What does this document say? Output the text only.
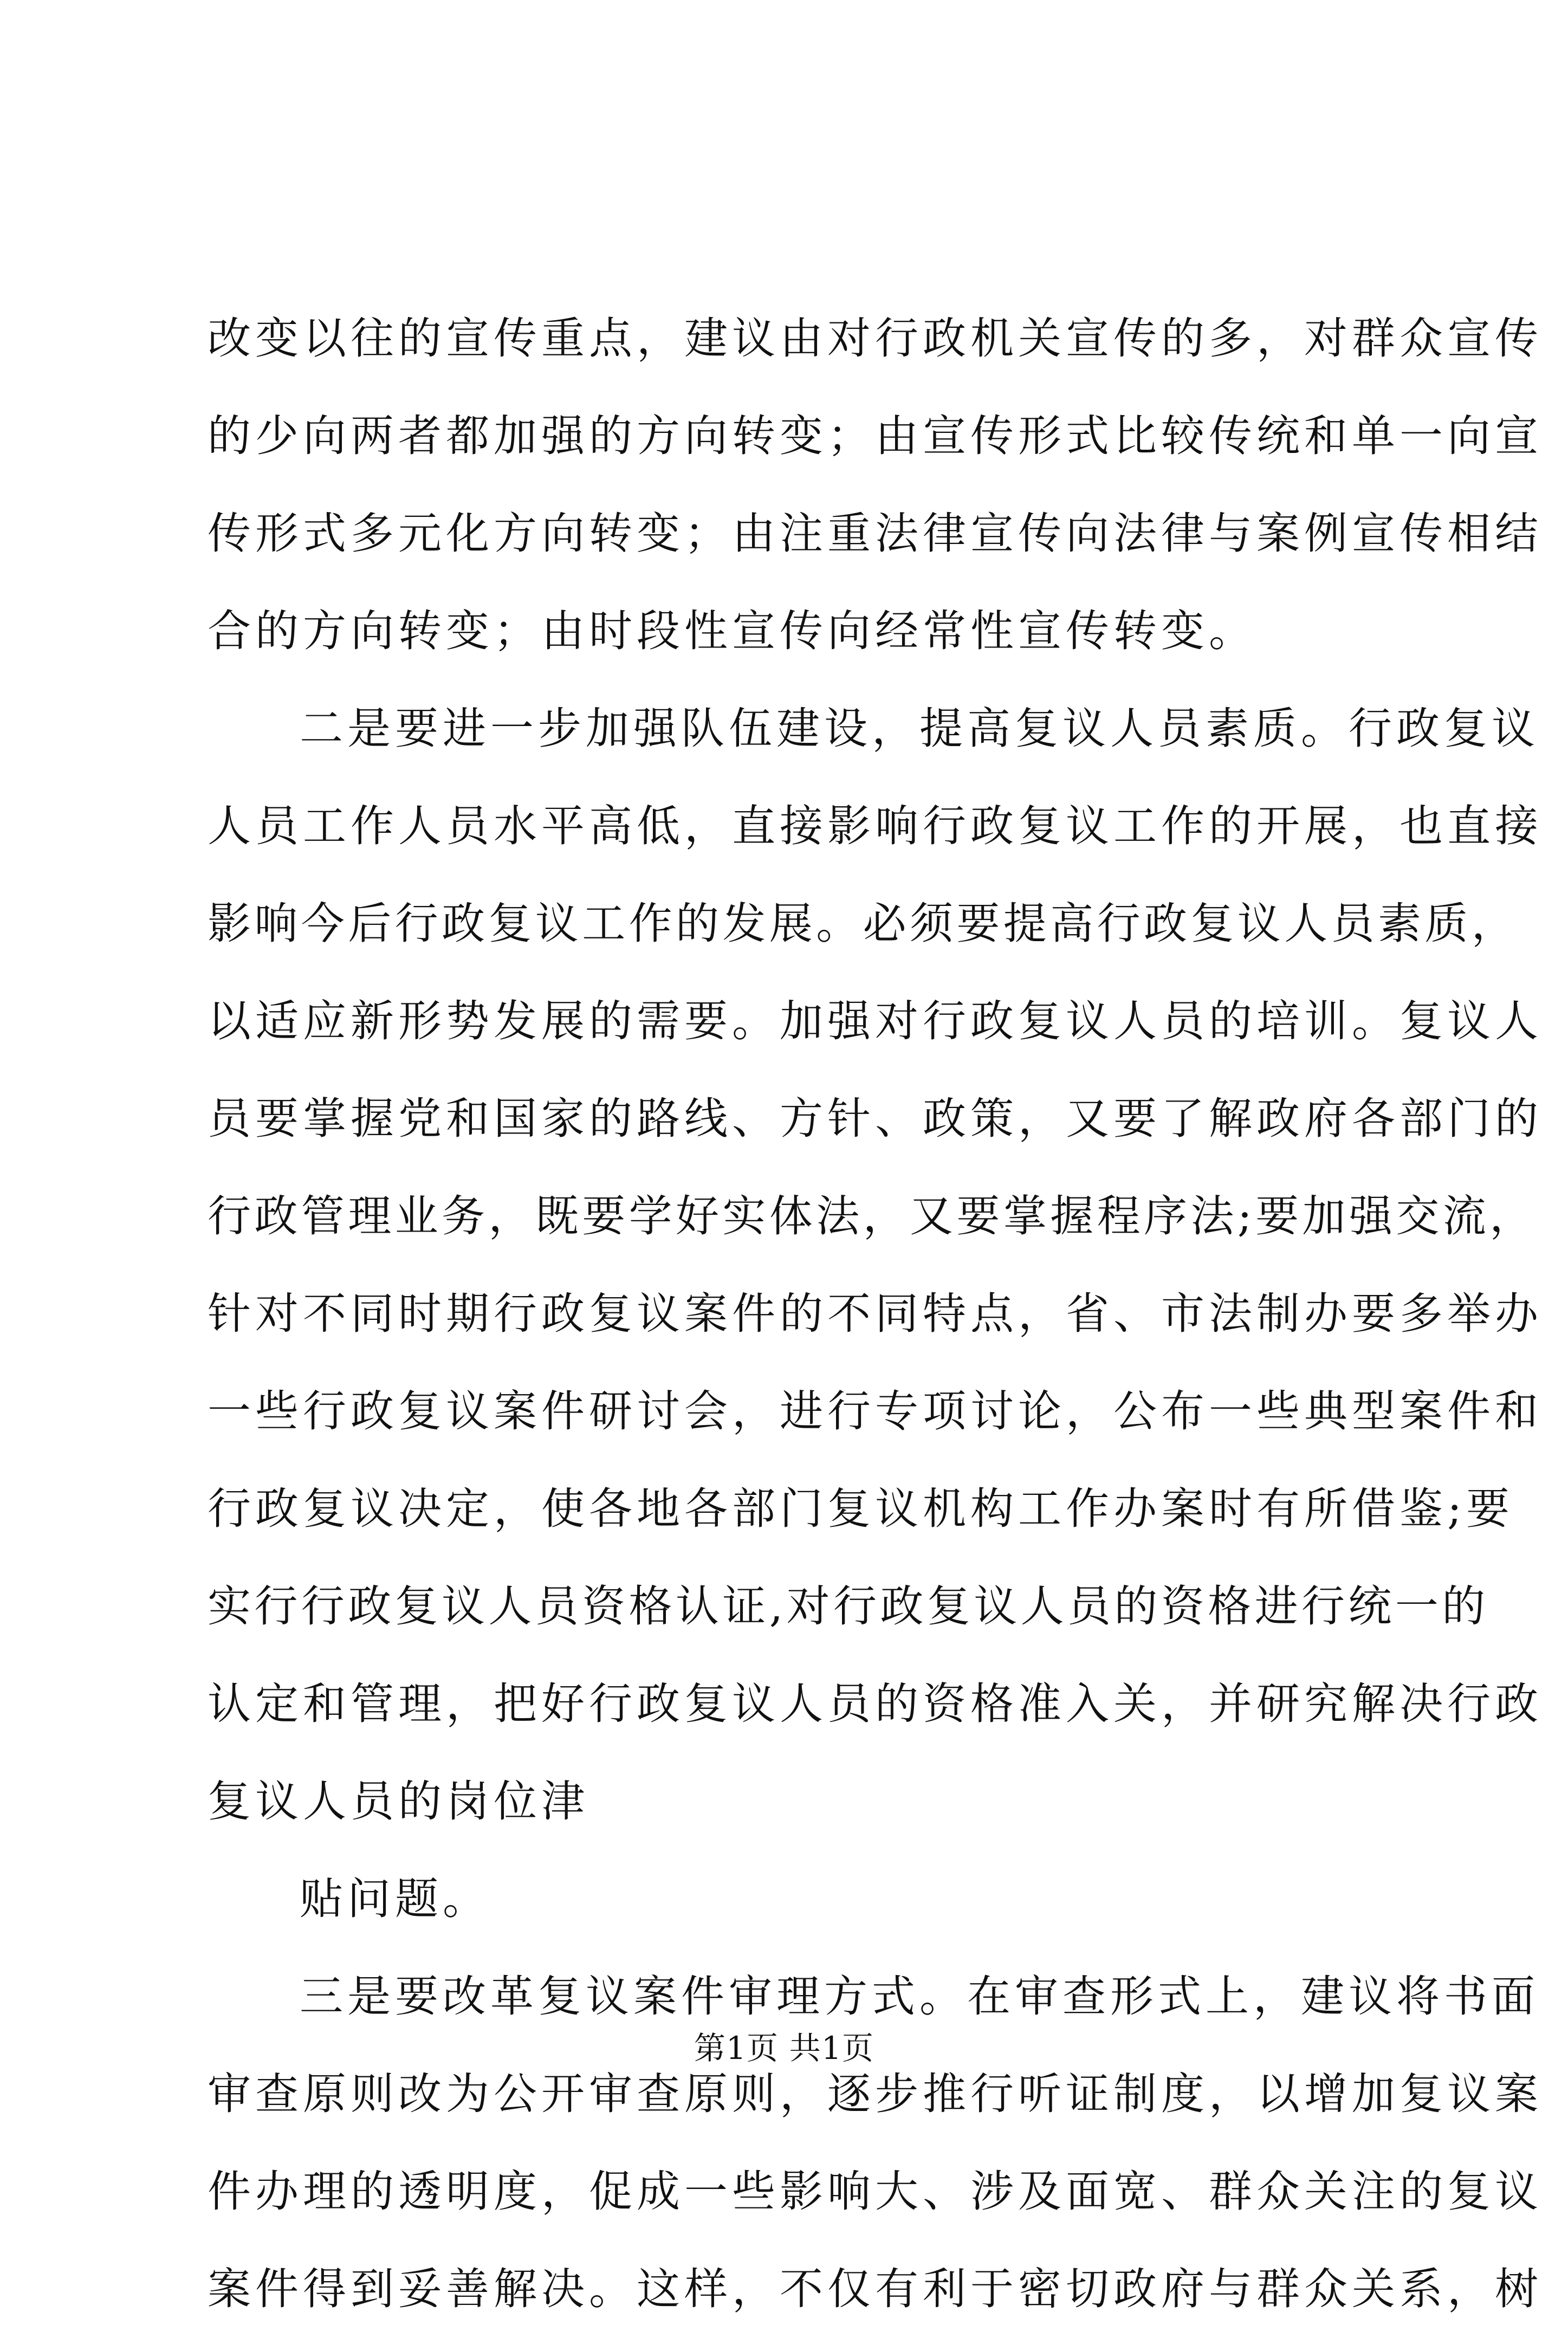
改变以往的宣传重点，建议由对行政机关宣传的多，对群众宣传
的少向两者都加强的方向转变；由宣传形式比较传统和单一向宣
传形式多元化方向转变；由注重法律宣传向法律与案例宣传相结
合的方向转变；由时段性宣传向经常性宣传转变。
二是要进一步加强队伍建设，提高复议人员素质。行政复议
人员工作人员水平高低，直接影响行政复议工作的开展，也直接
影响今后行政复议工作的发展。必须要提高行政复议人员素质，
以适应新形势发展的需要。加强对行政复议人员的培训。复议人
员要掌握党和国家的路线、方针、政策，又要了解政府各部门的
行政管理业务，既要学好实体法，又要掌握程序法;要加强交流，
针对不同时期行政复议案件的不同特点，省、市法制办要多举办
一些行政复议案件研讨会，进行专项讨论，公布一些典型案件和
行政复议决定，使各地各部门复议机构工作办案时有所借鉴;要
实行行政复议人员资格认证,对行政复议人员的资格进行统一的
认定和管理，把好行政复议人员的资格准入关，并研究解决行政
复议人员的岗位津
贴问题。
三是要改革复议案件审理方式。在审查形式上，建议将书面
审查原则改为公开审查原则，逐步推行听证制度，以增加复议案
件办理的透明度，促成一些影响大、涉及面宽、群众关注的复议
案件得到妥善解决。这样，不仅有利于密切政府与群众关系，树
第1页 共1页
